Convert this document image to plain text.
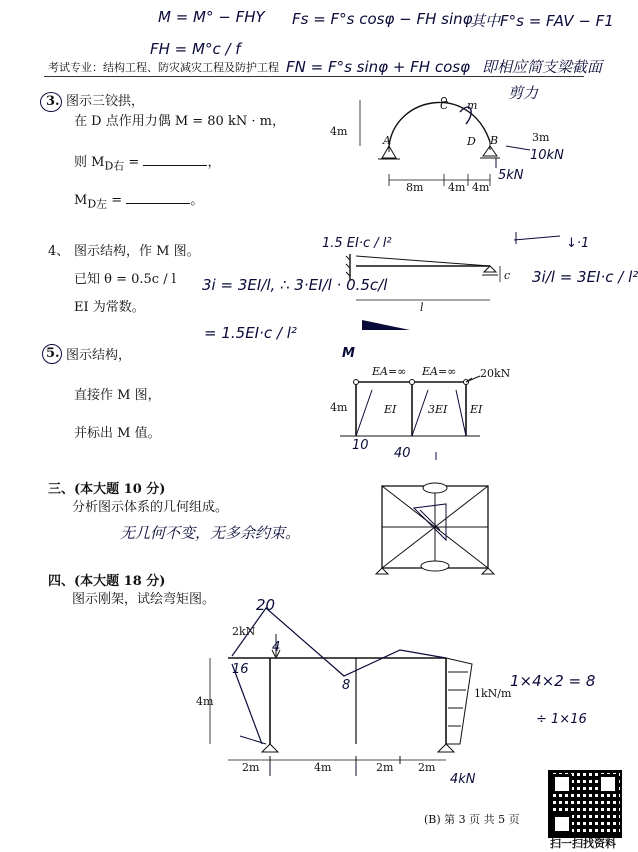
M = M° − FHY Fs = F°s cosφ − FH sinφ
其中F°s = FAV − F1
FH = M°c / f
FN = F°s sinφ + FH cosφ 即相应简支梁截面
剪力
考试专业：结构工程、防灾减灾工程及防护工程
3. 图示三铰拱，
在 D 点作用力偶 M = 80 kN · m，
则 $M_{D右}$ =	，
$M_{D左}$ =	。
4m
A
C m
D B	3m
8m 4m 4m
10kN
5kN
4、 图示结构，作 M 图。
已知 θ = 0.5c / l
EI 为常数。
1.5 EI·c / l²
c
l
3i = 3EI/l, ∴ 3·EI/l · 0.5c/l
= 1.5EI·c / l²
3i/l = 3EI·c / l²
↓·1
5. 图示结构，
直接作 M 图，
并标出 M 值。
EA=∞ EA=∞ 20kN
4m	EI	3EI EI
M
10
40
三、(本大题 10 分)
分析图示体系的几何组成。
无几何不变，无多余约束。
四、(本大题 18 分)
图示刚架，试绘弯矩图。
2kN
4m
1kN/m
2m	4m	2m 2m
20
16
8
4
4kN
1×4×2 = 8
÷ 1×16
(B) 第 3 页 共 5 页
扫一扫找资料
